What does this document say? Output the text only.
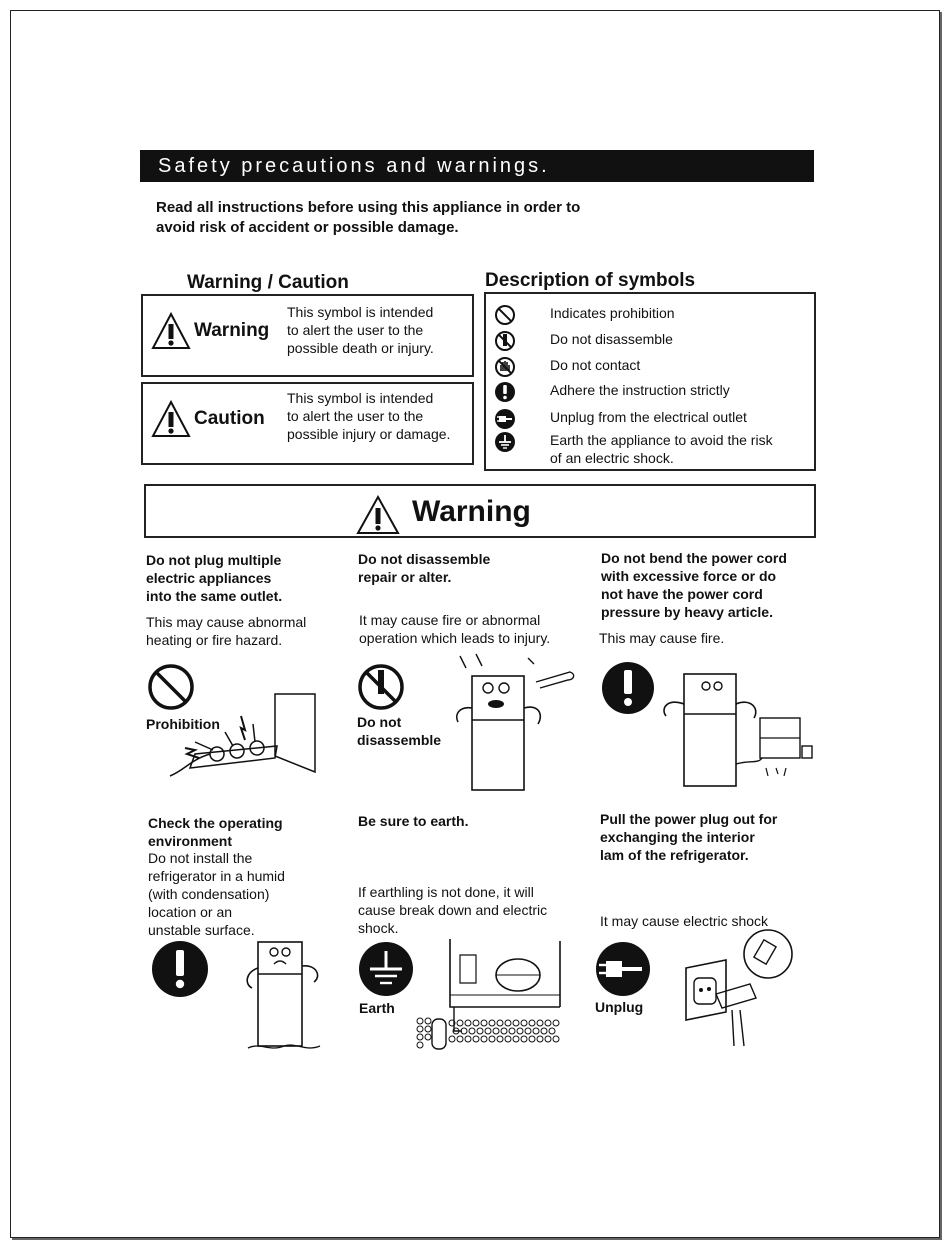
Safety precautions and warnings.
Read all instructions before using this appliance in order to
avoid risk of accident or possible damage.
Warning / Caution
Warning
This symbol is intended
to alert the user to the
possible death or injury.
Caution
This symbol is intended
to alert the user to the
possible injury or damage.
Description of symbols
Indicates prohibition
Do not disassemble
Do not contact
Adhere the instruction strictly
Unplug from the electrical outlet
Earth the appliance to avoid the risk
of an electric shock.
Warning
Do not plug multiple
electric appliances
into the same outlet.
This may cause abnormal
heating or fire hazard.
Prohibition
Do not disassemble
repair or alter.
It may cause fire or abnormal
operation which leads to injury.
Do not
disassemble
Do not bend the power cord
with excessive force or do
not have the power cord
pressure by heavy article.
This may cause fire.
Check the operating
environment
Do not install the
refrigerator in a humid
(with condensation)
location or an
unstable surface.
Be sure to earth.
If earthling is not done, it will
cause break down and electric
shock.
Earth
Pull the power plug out for
exchanging the interior
lam of the refrigerator.
It may cause electric shock
Unplug
